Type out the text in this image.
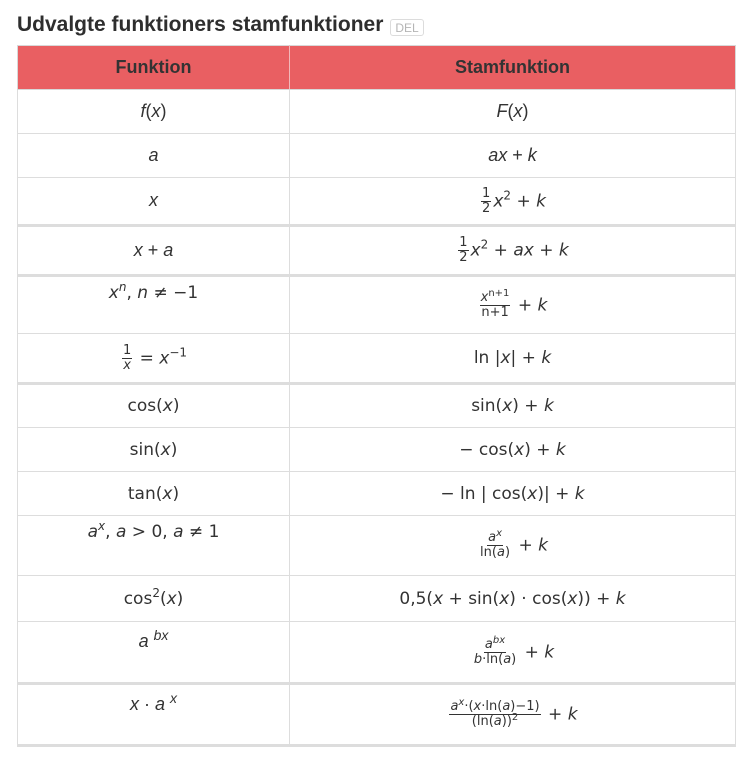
Udvalgte funktioners stamfunktioner	DEL
Funktion	Stamfunktion
f(x)	F(x)
a	ax + k
x	$\frac{1}{2} x^2 + k$
x + a	$\frac{1}{2} x^2$ + ax + k
$x^n$, n ≠ −1	$\frac{x^{n+1}}{n+1} + k$

$\frac{1}{x} = x^{-1}$	ln |x| + k
cos(x)	sin(x) + k
sin(x)	− cos(x) + k
tan(x)	− ln | cos(x)| + k
$a^x$, a > 0, a ≠ 1	$\frac{a^x}{\ln(a)} + k$
$\cos^2(x)$	0,5(x + sin(x) · cos(x)) + k
a $^{bx}$	$\frac{a^{bx}}{b\cdot\ln(a)} + k$
x · a $^x$	$\frac{a^x\cdot(x\cdot\ln(a)-1)}{(\ln(a))^2} + k$
